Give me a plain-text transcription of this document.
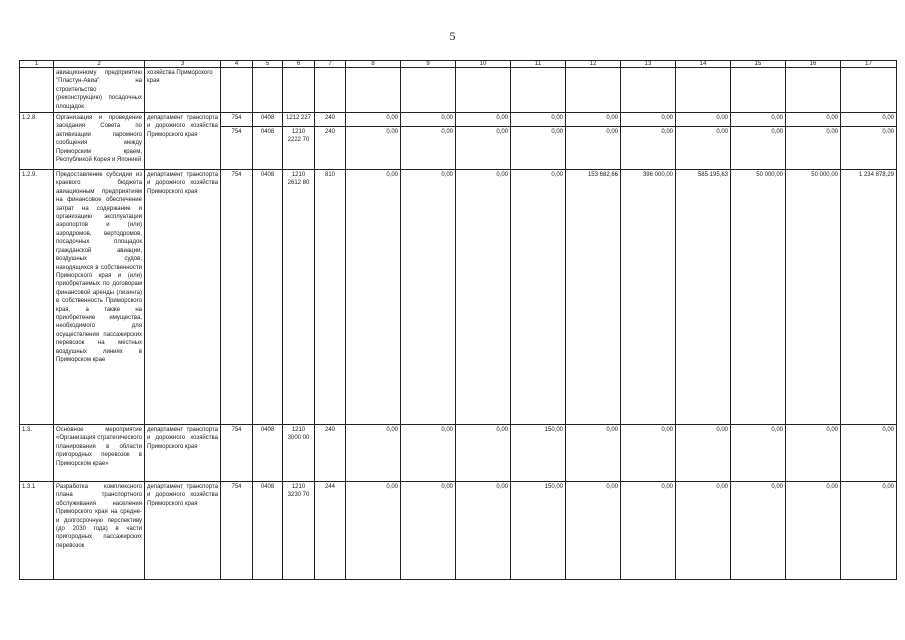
5
1	2	3	4	5	6	7	8	9	10	11	12	13	14	15	16	17
	авиационному предприятию "Пластун-Авиа" на строительство (реконструкцию) посадочных площадок	хозяйства Приморского края														
1.2.8.	Организация и проведение заседания Совета по активизации паромного сообщения между Приморским краем, Республикой Корея и Японией	департамент транспорта и дорожного хозяйства Приморского края	754	0408	1212 227	240	0,00	0,00	0,00	0,00	0,00	0,00	0,00	0,00	0,00	0,00
			754	0408	1210 2222 70	240	0,00	0,00	0,00	0,00	0,00	0,00	0,00	0,00	0,00	0,00
1.2.9.	Предоставление субсидии из краевого бюджета авиационным предприятиям на финансовое обеспечение затрат на содержание и организацию эксплуатации аэропортов и (или) аэродромов, вертодромов, посадочных площадок гражданской авиации, воздушных судов, находящихся в собственности Приморского края и (или) приобретаемых по договорам финансовой аренды (лизинга) в собственность Приморского края, а также на приобретение имущества, необходимого для осуществления пассажирских перевозок на местных воздушных линиях в Приморском крае	департамент транспорта и дорожного хозяйства Приморского края	754	0408	1210 2612 80	810	0,00	0,00	0,00	0,00	153 682,66	396 000,00	585 195,63	50 000,00	50 000,00	1 234 878,29
1.3.	Основное мероприятие «Организация стратегического планирования в области пригородных перевозок в Приморском крае»	департамент транспорта и дорожного хозяйства Приморского края	754	0408	1210 3000 00	240	0,00	0,00	0,00	150,00	0,00	0,00	0,00	0,00	0,00	0,00
1.3.1	Разработка комплексного плана транспортного обслуживания населения Приморского края на средне- и долгосрочную перспективу (до 2030 года) в части пригородных пассажирских перевозок	департамент транспорта и дорожного хозяйства Приморского края	754	0408	1210 3230 70	244	0,00	0,00	0,00	150,00	0,00	0,00	0,00	0,00	0,00	0,00
